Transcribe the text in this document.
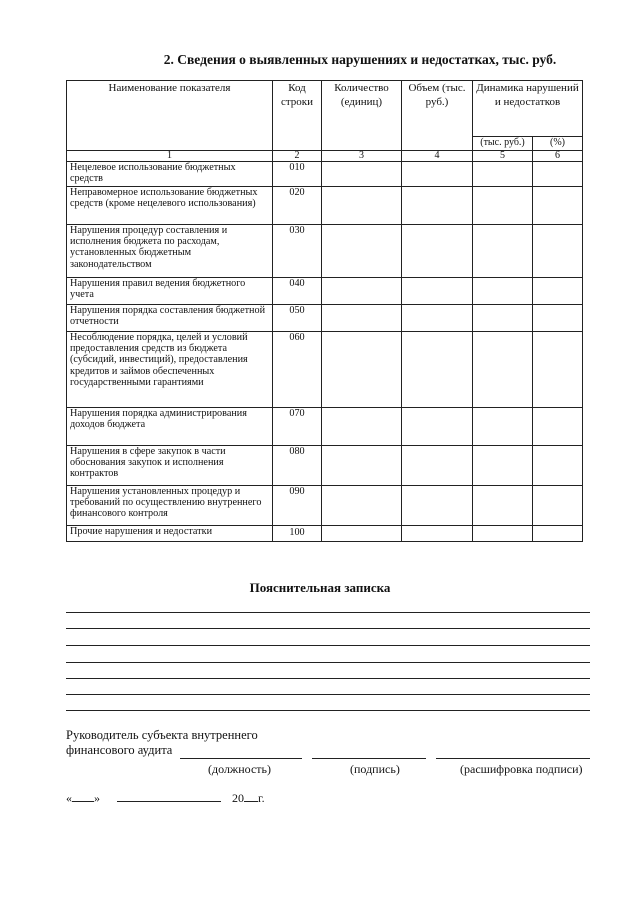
2. Сведения о выявленных нарушениях и недостатках, тыс. руб.
Наименование показателя	Код строки	Количество (единиц)	Объем (тыс. руб.)	Динамика нарушений и недостатков	
				(тыс. руб.)	(%)
1	2	3	4	5	6
Нецелевое использование бюджетных средств	010				
Неправомерное использование бюджетных средств (кроме нецелевого использования)	020				
Нарушения процедур составления и исполнения бюджета по расходам, установленных бюджетным законодательством	030				
Нарушения правил ведения бюджетного учета	040				
Нарушения порядка составления бюджетной отчетности	050				
Несоблюдение порядка, целей и условий предоставления средств из бюджета (субсидий, инвестиций), предоставления кредитов и займов обеспеченных государственными гарантиями	060				
Нарушения порядка администрирования доходов бюджета	070				
Нарушения в сфере закупок в части обоснования закупок и исполнения контрактов	080				
Нарушения установленных процедур и требований по осуществлению внутреннего финансового контроля	090				
Прочие нарушения и недостатки	100				
Пояснительная записка
Руководитель субъекта внутреннего
финансового аудита
(должность)	(подпись)	(расшифровка подписи)
« »	20 г.
